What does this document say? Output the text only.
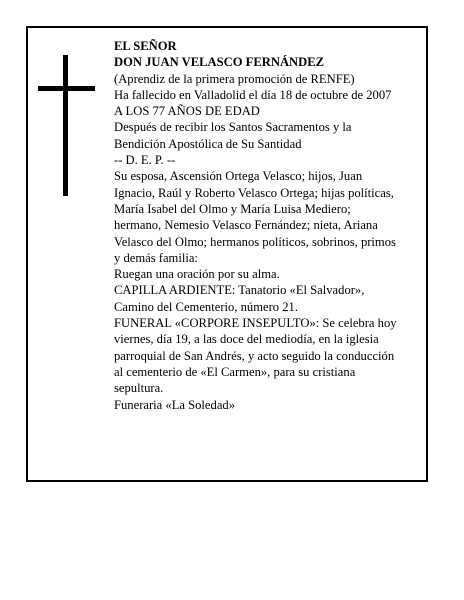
EL SEÑOR
DON JUAN VELASCO FERNÁNDEZ
(Aprendiz de la primera promoción de RENFE)
Ha fallecido en Valladolid el día 18 de octubre de 2007
A LOS 77 AÑOS DE EDAD
Después de recibir los Santos Sacramentos y la
Bendición Apostólica de Su Santidad
-- D. E. P. --
Su esposa, Ascensión Ortega Velasco; hijos, Juan
Ignacio, Raúl y Roberto Velasco Ortega; hijas políticas,
María Isabel del Olmo y María Luisa Mediero;
hermano, Nemesio Velasco Fernández; nieta, Ariana
Velasco del Olmo; hermanos políticos, sobrinos, primos
y demás familia:
Ruegan una oración por su alma.
CAPILLA ARDIENTE: Tanatorio «El Salvador»,
Camino del Cementerio, número 21.
FUNERAL «CORPORE INSEPULTO»: Se celebra hoy
viernes, día 19, a las doce del mediodía, en la iglesia
parroquial de San Andrés, y acto seguido la conducción
al cementerio de «El Carmen», para su cristiana
sepultura.
Funeraria «La Soledad»
